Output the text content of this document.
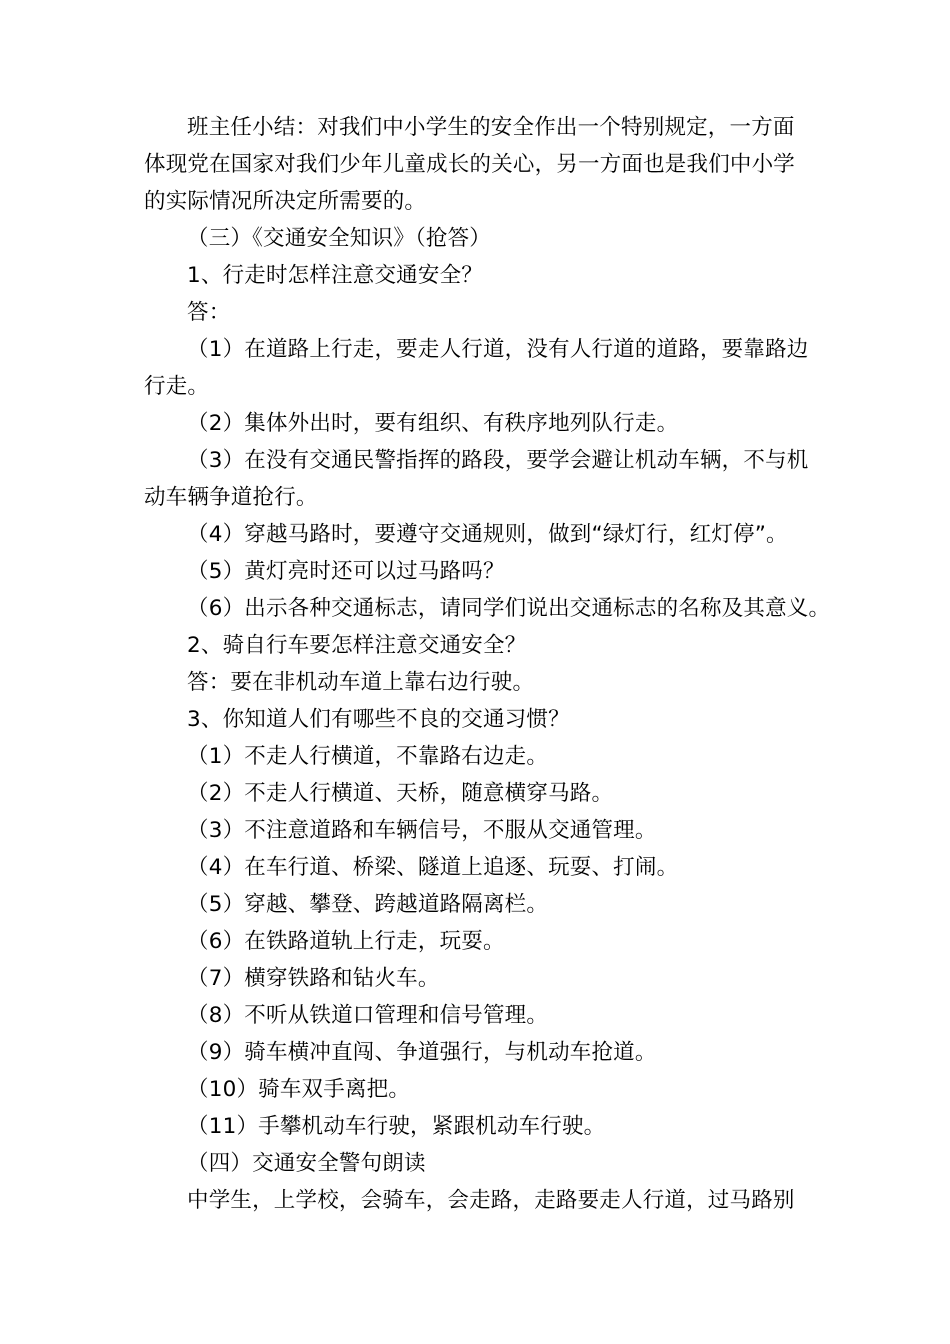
班主任小结：对我们中小学生的安全作出一个特别规定，一方面
体现党在国家对我们少年儿童成长的关心，另一方面也是我们中小学
的实际情况所决定所需要的。
（三）《交通安全知识》（抢答）
1、行走时怎样注意交通安全？
答：
（1）在道路上行走，要走人行道，没有人行道的道路，要靠路边
行走。
（2）集体外出时，要有组织、有秩序地列队行走。
（3）在没有交通民警指挥的路段，要学会避让机动车辆，不与机
动车辆争道抢行。
（4）穿越马路时，要遵守交通规则，做到“绿灯行，红灯停”。
（5）黄灯亮时还可以过马路吗？
（6）出示各种交通标志，请同学们说出交通标志的名称及其意义。
2、骑自行车要怎样注意交通安全？
答：要在非机动车道上靠右边行驶。
3、你知道人们有哪些不良的交通习惯？
（1）不走人行横道，不靠路右边走。
（2）不走人行横道、天桥，随意横穿马路。
（3）不注意道路和车辆信号，不服从交通管理。
（4）在车行道、桥梁、隧道上追逐、玩耍、打闹。
（5）穿越、攀登、跨越道路隔离栏。
（6）在铁路道轨上行走，玩耍。
（7）横穿铁路和钻火车。
（8）不听从铁道口管理和信号管理。
（9）骑车横冲直闯、争道强行，与机动车抢道。
（10）骑车双手离把。
（11）手攀机动车行驶，紧跟机动车行驶。
（四）交通安全警句朗读
中学生，上学校，会骑车，会走路，走路要走人行道，过马路别
